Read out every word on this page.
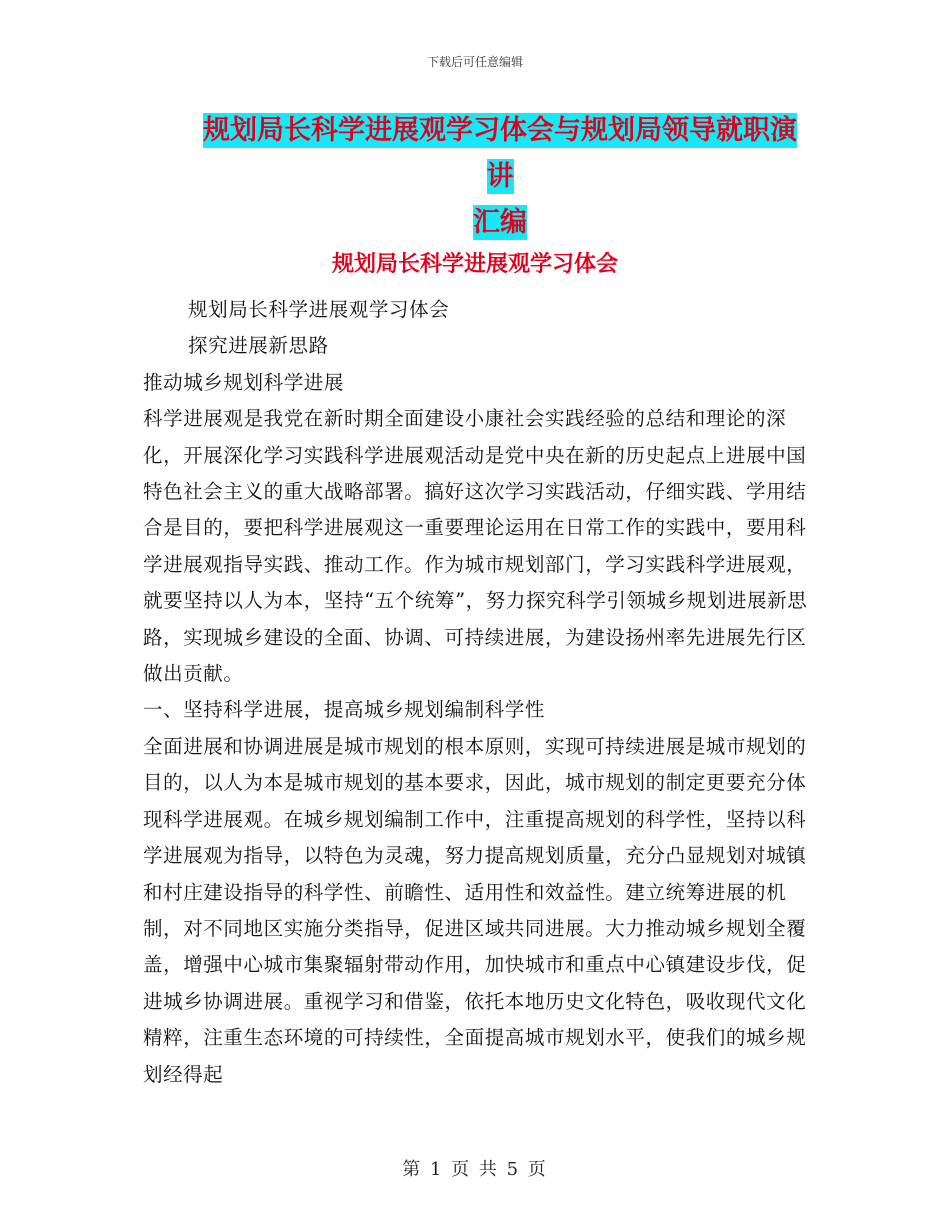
下载后可任意编辑
规划局长科学进展观学习体会与规划局领导就职演讲
汇编
规划局长科学进展观学习体会

规划局长科学进展观学习体会

探究进展新思路

推动城乡规划科学进展

科学进展观是我党在新时期全面建设小康社会实践经验的总结和理论的深化，开展深化学习实践科学进展观活动是党中央在新的历史起点上进展中国特色社会主义的重大战略部署。搞好这次学习实践活动，仔细实践、学用结合是目的，要把科学进展观这一重要理论运用在日常工作的实践中，要用科学进展观指导实践、推动工作。作为城市规划部门，学习实践科学进展观，就要坚持以人为本，坚持“五个统筹”，努力探究科学引领城乡规划进展新思路，实现城乡建设的全面、协调、可持续进展，为建设扬州率先进展先行区做出贡献。

一、坚持科学进展，提高城乡规划编制科学性

全面进展和协调进展是城市规划的根本原则，实现可持续进展是城市规划的目的，以人为本是城市规划的基本要求，因此，城市规划的制定更要充分体现科学进展观。在城乡规划编制工作中，注重提高规划的科学性，坚持以科学进展观为指导，以特色为灵魂，努力提高规划质量，充分凸显规划对城镇和村庄建设指导的科学性、前瞻性、适用性和效益性。建立统筹进展的机制，对不同地区实施分类指导，促进区域共同进展。大力推动城乡规划全覆盖，增强中心城市集聚辐射带动作用，加快城市和重点中心镇建设步伐，促进城乡协调进展。重视学习和借鉴，依托本地历史文化特色，吸收现代文化精粹，注重生态环境的可持续性，全面提高城市规划水平，使我们的城乡规划经得起

第 1 页 共 5 页
